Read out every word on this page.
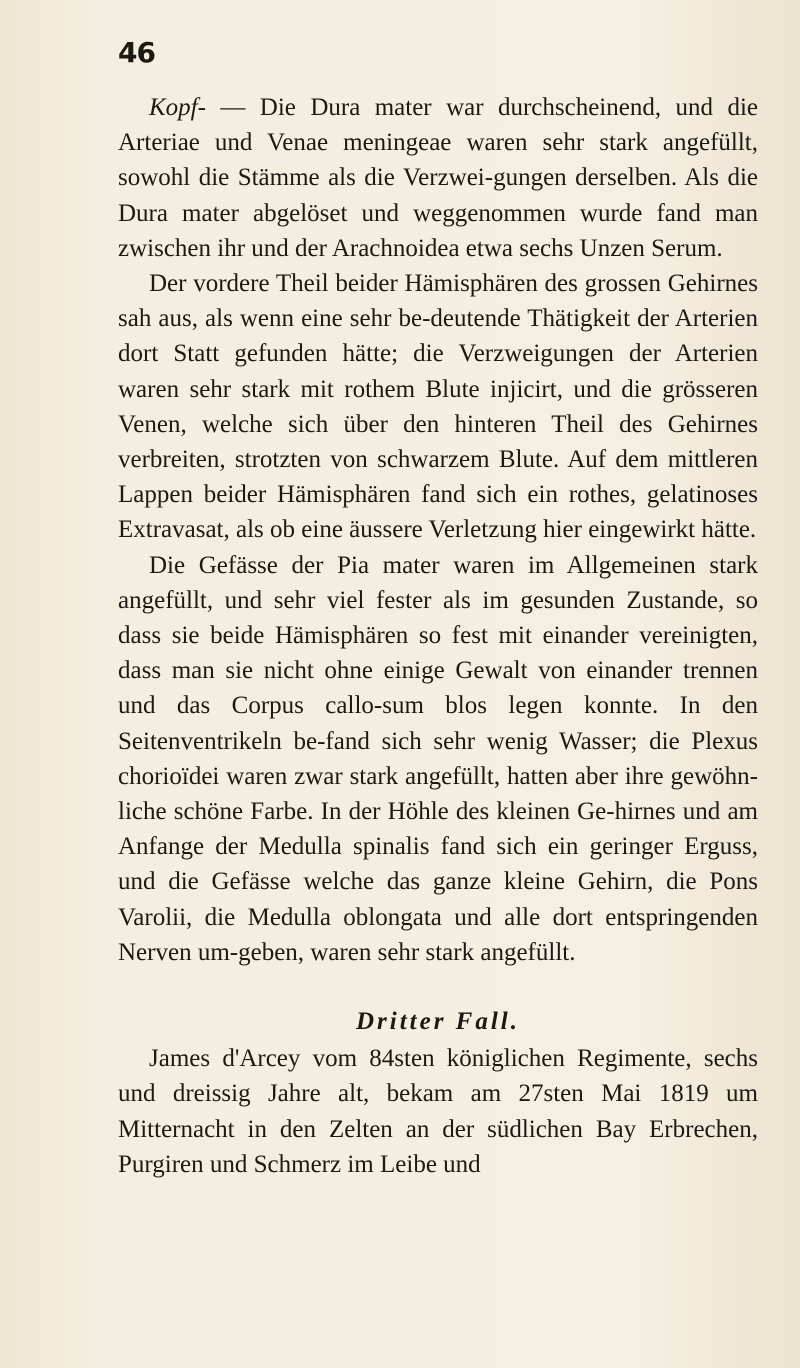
46

Kopf- — Die Dura mater war durchscheinend, und die Arteriae und Venae meningeae waren sehr stark angefüllt, sowohl die Stämme als die Verzwei-gungen derselben. Als die Dura mater abgelöset und weggenommen wurde fand man zwischen ihr und der Arachnoidea etwa sechs Unzen Serum.

Der vordere Theil beider Hämisphären des grossen Gehirnes sah aus, als wenn eine sehr be-deutende Thätigkeit der Arterien dort Statt gefunden hätte; die Verzweigungen der Arterien waren sehr stark mit rothem Blute injicirt, und die grösseren Venen, welche sich über den hinteren Theil des Gehirnes verbreiten, strotzten von schwarzem Blute. Auf dem mittleren Lappen beider Hämisphären fand sich ein rothes, gelatinoses Extravasat, als ob eine äussere Verletzung hier eingewirkt hätte.

Die Gefässe der Pia mater waren im Allgemeinen stark angefüllt, und sehr viel fester als im gesunden Zustande, so dass sie beide Hämisphären so fest mit einander vereinigten, dass man sie nicht ohne einige Gewalt von einander trennen und das Corpus callo-sum blos legen konnte. In den Seitenventrikeln be-fand sich sehr wenig Wasser; die Plexus chorioïdei waren zwar stark angefüllt, hatten aber ihre gewöhn-liche schöne Farbe. In der Höhle des kleinen Ge-hirnes und am Anfange der Medulla spinalis fand sich ein geringer Erguss, und die Gefässe welche das ganze kleine Gehirn, die Pons Varolii, die Medulla oblongata und alle dort entspringenden Nerven um-geben, waren sehr stark angefüllt.

Dritter Fall.

James d'Arcey vom 84sten königlichen Regimente, sechs und dreissig Jahre alt, bekam am 27sten Mai 1819 um Mitternacht in den Zelten an der südlichen Bay Erbrechen, Purgiren und Schmerz im Leibe und
